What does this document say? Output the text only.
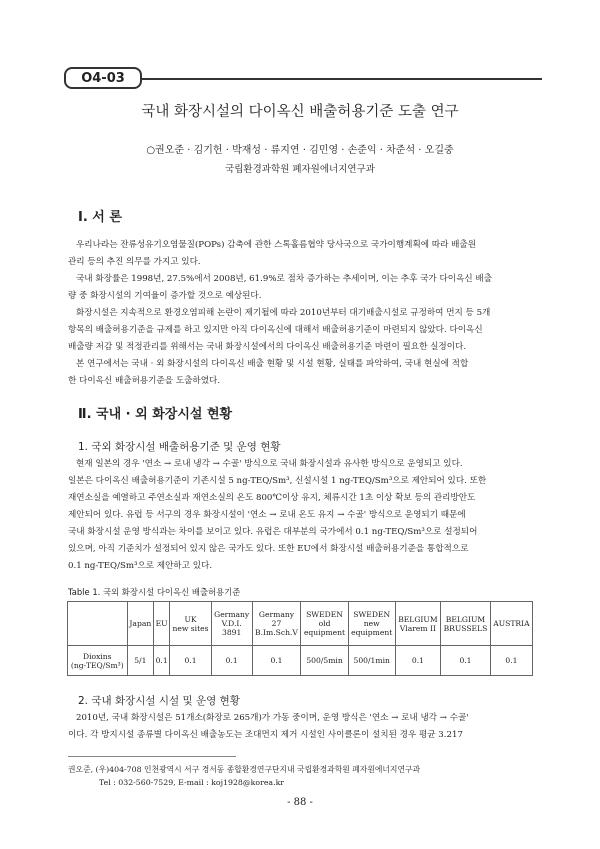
O4-03
국내 화장시설의 다이옥신 배출허용기준 도출 연구
○권오준 · 김기헌 · 박재성 · 류지연 · 김민영 · 손준익 · 차준석 · 오길중
국립환경과학원 폐자원에너지연구과
Ⅰ. 서 론
우리나라는 잔류성유기오염물질(POPs) 감축에 관한 스톡홀름협약 당사국으로 국가이행계획에 따라 배출원
관리 등의 추진 의무를 가지고 있다.
국내 화장률은 1998년, 27.5%에서 2008년, 61.9%로 점차 증가하는 추세이며, 이는 추후 국가 다이옥신 배출
량 중 화장시설의 기여율이 증가할 것으로 예상된다.
화장시설은 지속적으로 환경오염피해 논란이 제기될에 따라 2010년부터 대기배출시설로 규정하여 먼지 등 5개
항목의 배출허용기준을 규제를 하고 있지만 아직 다이옥신에 대해서 배출허용기준이 마련되지 않았다. 다이옥신
배출량 저감 및 적정관리를 위해서는 국내 화장시설에서의 다이옥신 배출허용기준 마련이 필요한 실정이다.
본 연구에서는 국내 · 외 화장시설의 다이옥신 배출 현황 및 시설 현황, 실태를 파악하여, 국내 현실에 적합
한 다이옥신 배출허용기준을 도출하였다.
Ⅱ. 국내 · 외 화장시설 현황
1. 국외 화장시설 배출허용기준 및 운영 현황
현재 일본의 경우 '연소 → 로내 냉각 → 수골' 방식으로 국내 화장시설과 유사한 방식으로 운영되고 있다.
일본은 다이옥신 배출허용기준이 기존시설 5 ng-TEQ/Sm³, 신설시설 1 ng-TEQ/Sm³으로 제안되어 있다. 또한
재연소실을 예열하고 주연소실과 재연소실의 온도 800℃이상 유지, 체류시간 1초 이상 확보 등의 관리방안도
제안되어 있다. 유럽 등 서구의 경우 화장시설이 '연소 → 로내 온도 유지 → 수골' 방식으로 운영되기 때문에
국내 화장시설 운영 방식과는 차이를 보이고 있다. 유럽은 대부분의 국가에서 0.1 ng-TEQ/Sm³으로 설정되어
있으며, 아직 기준치가 설정되어 있지 않은 국가도 있다. 또한 EU에서 화장시설 배출허용기준을 통합적으로
0.1 ng-TEQ/Sm³으로 제안하고 있다.
Table 1. 국외 화장시설 다이옥신 배출허용기준
	Japan	EU	UK
new sites	Germany
V.D.I.
3891	Germany
27
B.Im.Sch.V	SWEDEN
old
equipment	SWEDEN
new
equipment	BELGIUM
Vlarem II	BELGIUM
BRUSSELS	AUSTRIA
Dioxins
(ng-TEQ/Sm³)	5/1	0.1	0.1	0.1	0.1	500/5min	500/1min	0.1	0.1	0.1
2. 국내 화장시설 시설 및 운영 현황
2010년, 국내 화장시설은 51개소(화장로 265개)가 가동 중이며, 운영 방식은 '연소 → 로내 냉각 → 수골'
이다. 각 방지시설 종류별 다이옥신 배출농도는 조대먼지 제거 시설인 사이클론이 설치된 경우 평균 3.217
권오준, (우)404-708 인천광역시 서구 경서동 종합환경연구단지내 국립환경과학원 폐자원에너지연구과
Tel : 032-560-7529, E-mail : koj1928@korea.kr
- 88 -
